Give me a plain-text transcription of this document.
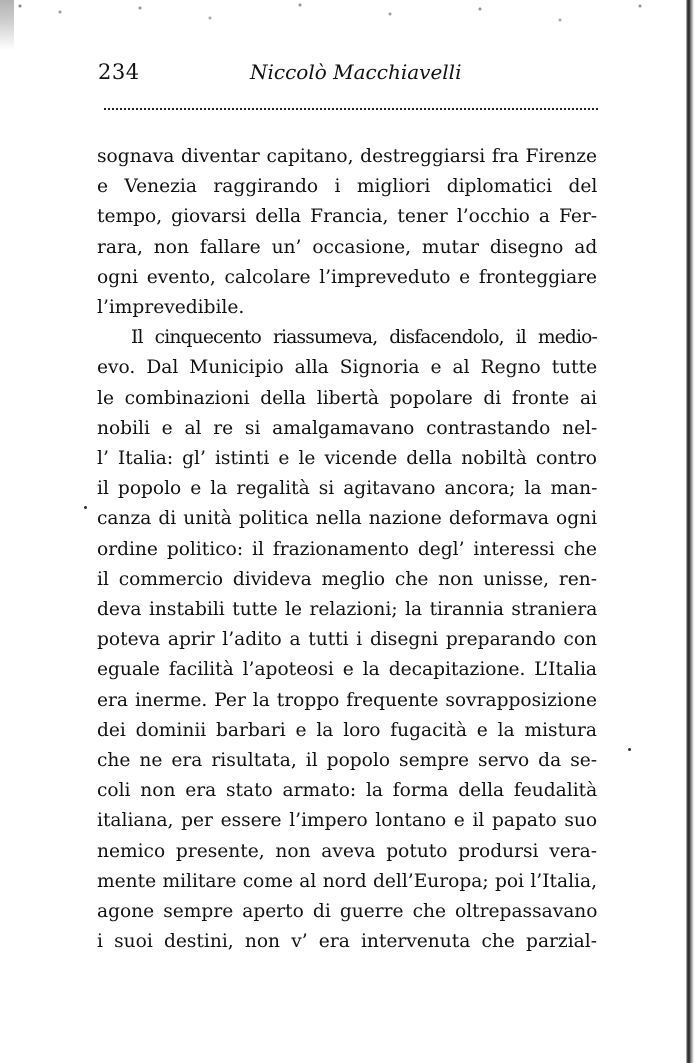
234	Niccolò Macchiavelli

sognava diventar capitano, destreggiarsi fra Firenze
e Venezia raggirando i migliori diplomatici del
tempo, giovarsi della Francia, tener l’occhio a Fer-
rara, non fallare un’ occasione, mutar disegno ad
ogni evento, calcolare l’impreveduto e fronteggiare
l’imprevedibile.

Il cinquecento riassumeva, disfacendolo, il medio-
evo. Dal Municipio alla Signoria e al Regno tutte
le combinazioni della libertà popolare di fronte ai
nobili e al re si amalgamavano contrastando nel-
l’ Italia: gl’ istinti e le vicende della nobiltà contro
il popolo e la regalità si agitavano ancora; la man-
canza di unità politica nella nazione deformava ogni
ordine politico: il frazionamento degl’ interessi che
il commercio divideva meglio che non unisse, ren-
deva instabili tutte le relazioni; la tirannia straniera
poteva aprir l’adito a tutti i disegni preparando con
eguale facilità l’apoteosi e la decapitazione. L’Italia
era inerme. Per la troppo frequente sovrapposizione
dei dominii barbari e la loro fugacità e la mistura
che ne era risultata, il popolo sempre servo da se-
coli non era stato armato: la forma della feudalità
italiana, per essere l’impero lontano e il papato suo
nemico presente, non aveva potuto prodursi vera-
mente militare come al nord dell’Europa; poi l’Italia,
agone sempre aperto di guerre che oltrepassavano
i suoi destini, non v’ era intervenuta che parzial-
